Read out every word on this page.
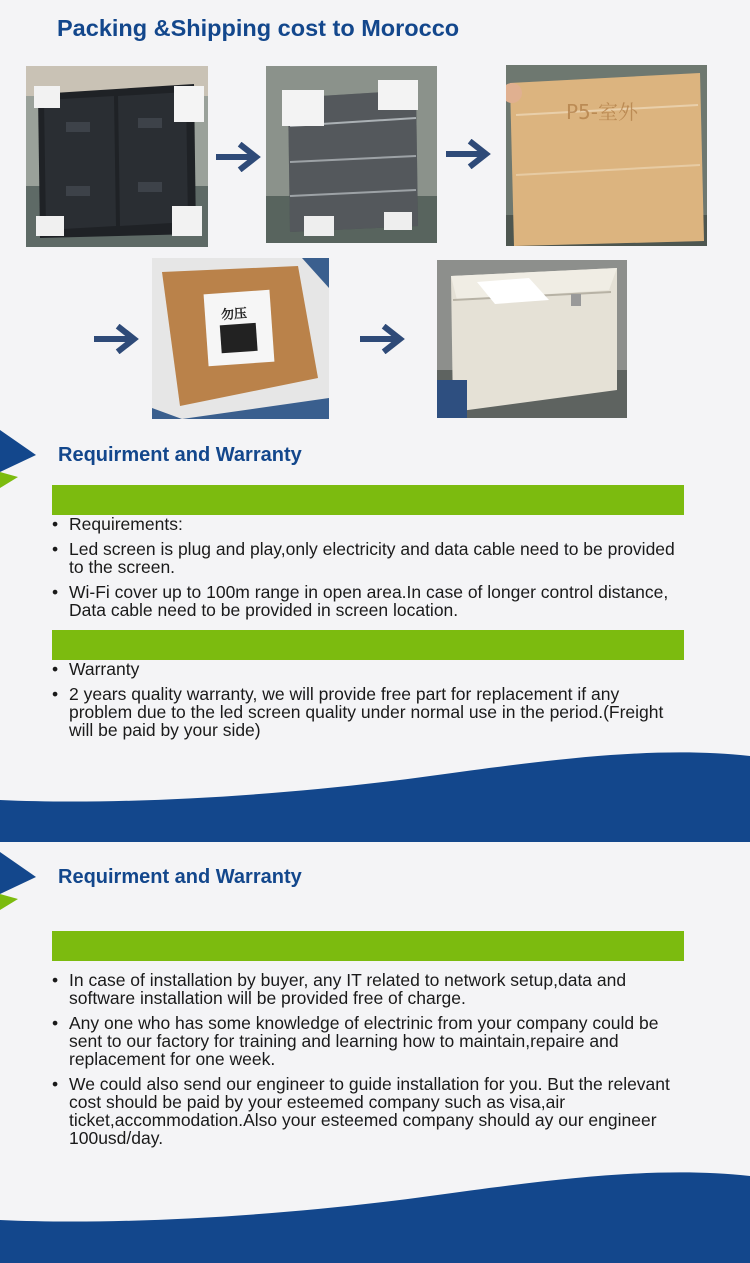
Packing &Shipping cost to Morocco
P5-室外
勿压
Requirment and Warranty
• Requirements:
• Led screen is plug and play,only electricity and data cable need to be provided to the screen.
• Wi-Fi cover up to 100m range in open area.In case of longer control distance, Data cable need to be provided in screen location.
• Warranty
• 2 years quality warranty, we will provide free part for replacement if any problem due to the led screen quality under normal use in the period.(Freight will be paid by your side)
Requirment and Warranty
• In case of installation by buyer, any IT related to network setup,data and software installation will be provided free of charge.
• Any one who has some knowledge of electrinic from your company could be sent to our factory for training and learning how to maintain,repaire and replacement for one week.
• We could also send our engineer to guide installation for you. But the relevant cost should be paid by your esteemed company such as visa,air ticket,accommodation.Also your esteemed company should ay our engineer 100usd/day.
